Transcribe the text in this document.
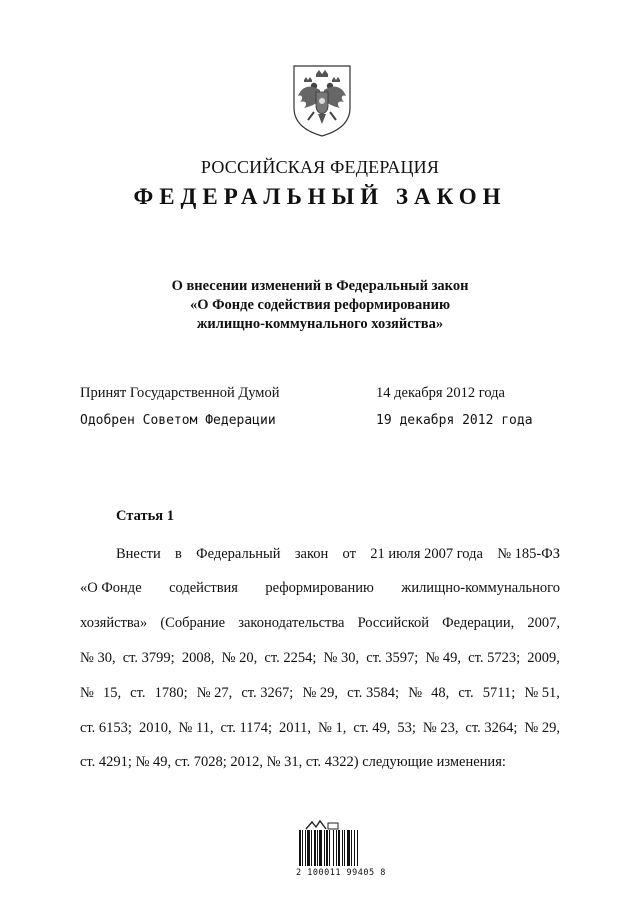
РОССИЙСКАЯ ФЕДЕРАЦИЯ
ФЕДЕРАЛЬНЫЙ ЗАКОН
О внесении изменений в Федеральный закон
«О Фонде содействия реформированию
жилищно-коммунального хозяйства»
Принят Государственной Думой	14 декабря 2012 года
Одобрен Советом Федерации	19 декабря 2012 года
Статья 1
Внести в Федеральный закон от 21 июля 2007 года № 185-ФЗ
«О Фонде содействия реформированию жилищно-коммунального
хозяйства» (Собрание законодательства Российской Федерации, 2007,
№ 30, ст. 3799; 2008, № 20, ст. 2254; № 30, ст. 3597; № 49, ст. 5723; 2009,
№ 15, ст. 1780; № 27, ст. 3267; № 29, ст. 3584; № 48, ст. 5711; № 51,
ст. 6153; 2010, № 11, ст. 1174; 2011, № 1, ст. 49, 53; № 23, ст. 3264; № 29,
ст. 4291; № 49, ст. 7028; 2012, № 31, ст. 4322) следующие изменения:
2 100011 99405 8
